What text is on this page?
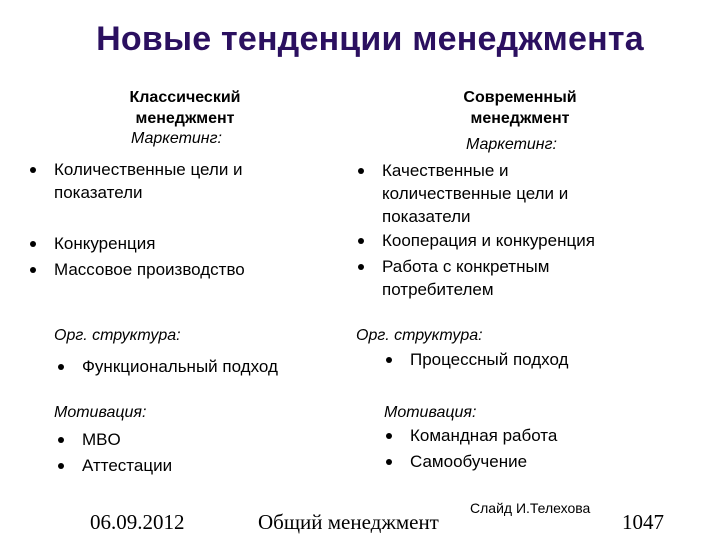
Новые тенденции менеджмента
Классический
менеджмент
Маркетинг:
Количественные цели и
показатели
Конкуренция
Массовое производство
Орг. структура:
Функциональный подход
Мотивация:
MBO
Аттестации
Современный
менеджмент
Маркетинг:
Качественные и
количественные цели и
показатели
Кооперация и конкуренция
Работа с конкретным
потребителем
Орг. структура:
Процессный подход
Мотивация:
Командная работа
Самообучение
06.09.2012	Общий менеджмент
Слайд И.Телехова
1047
